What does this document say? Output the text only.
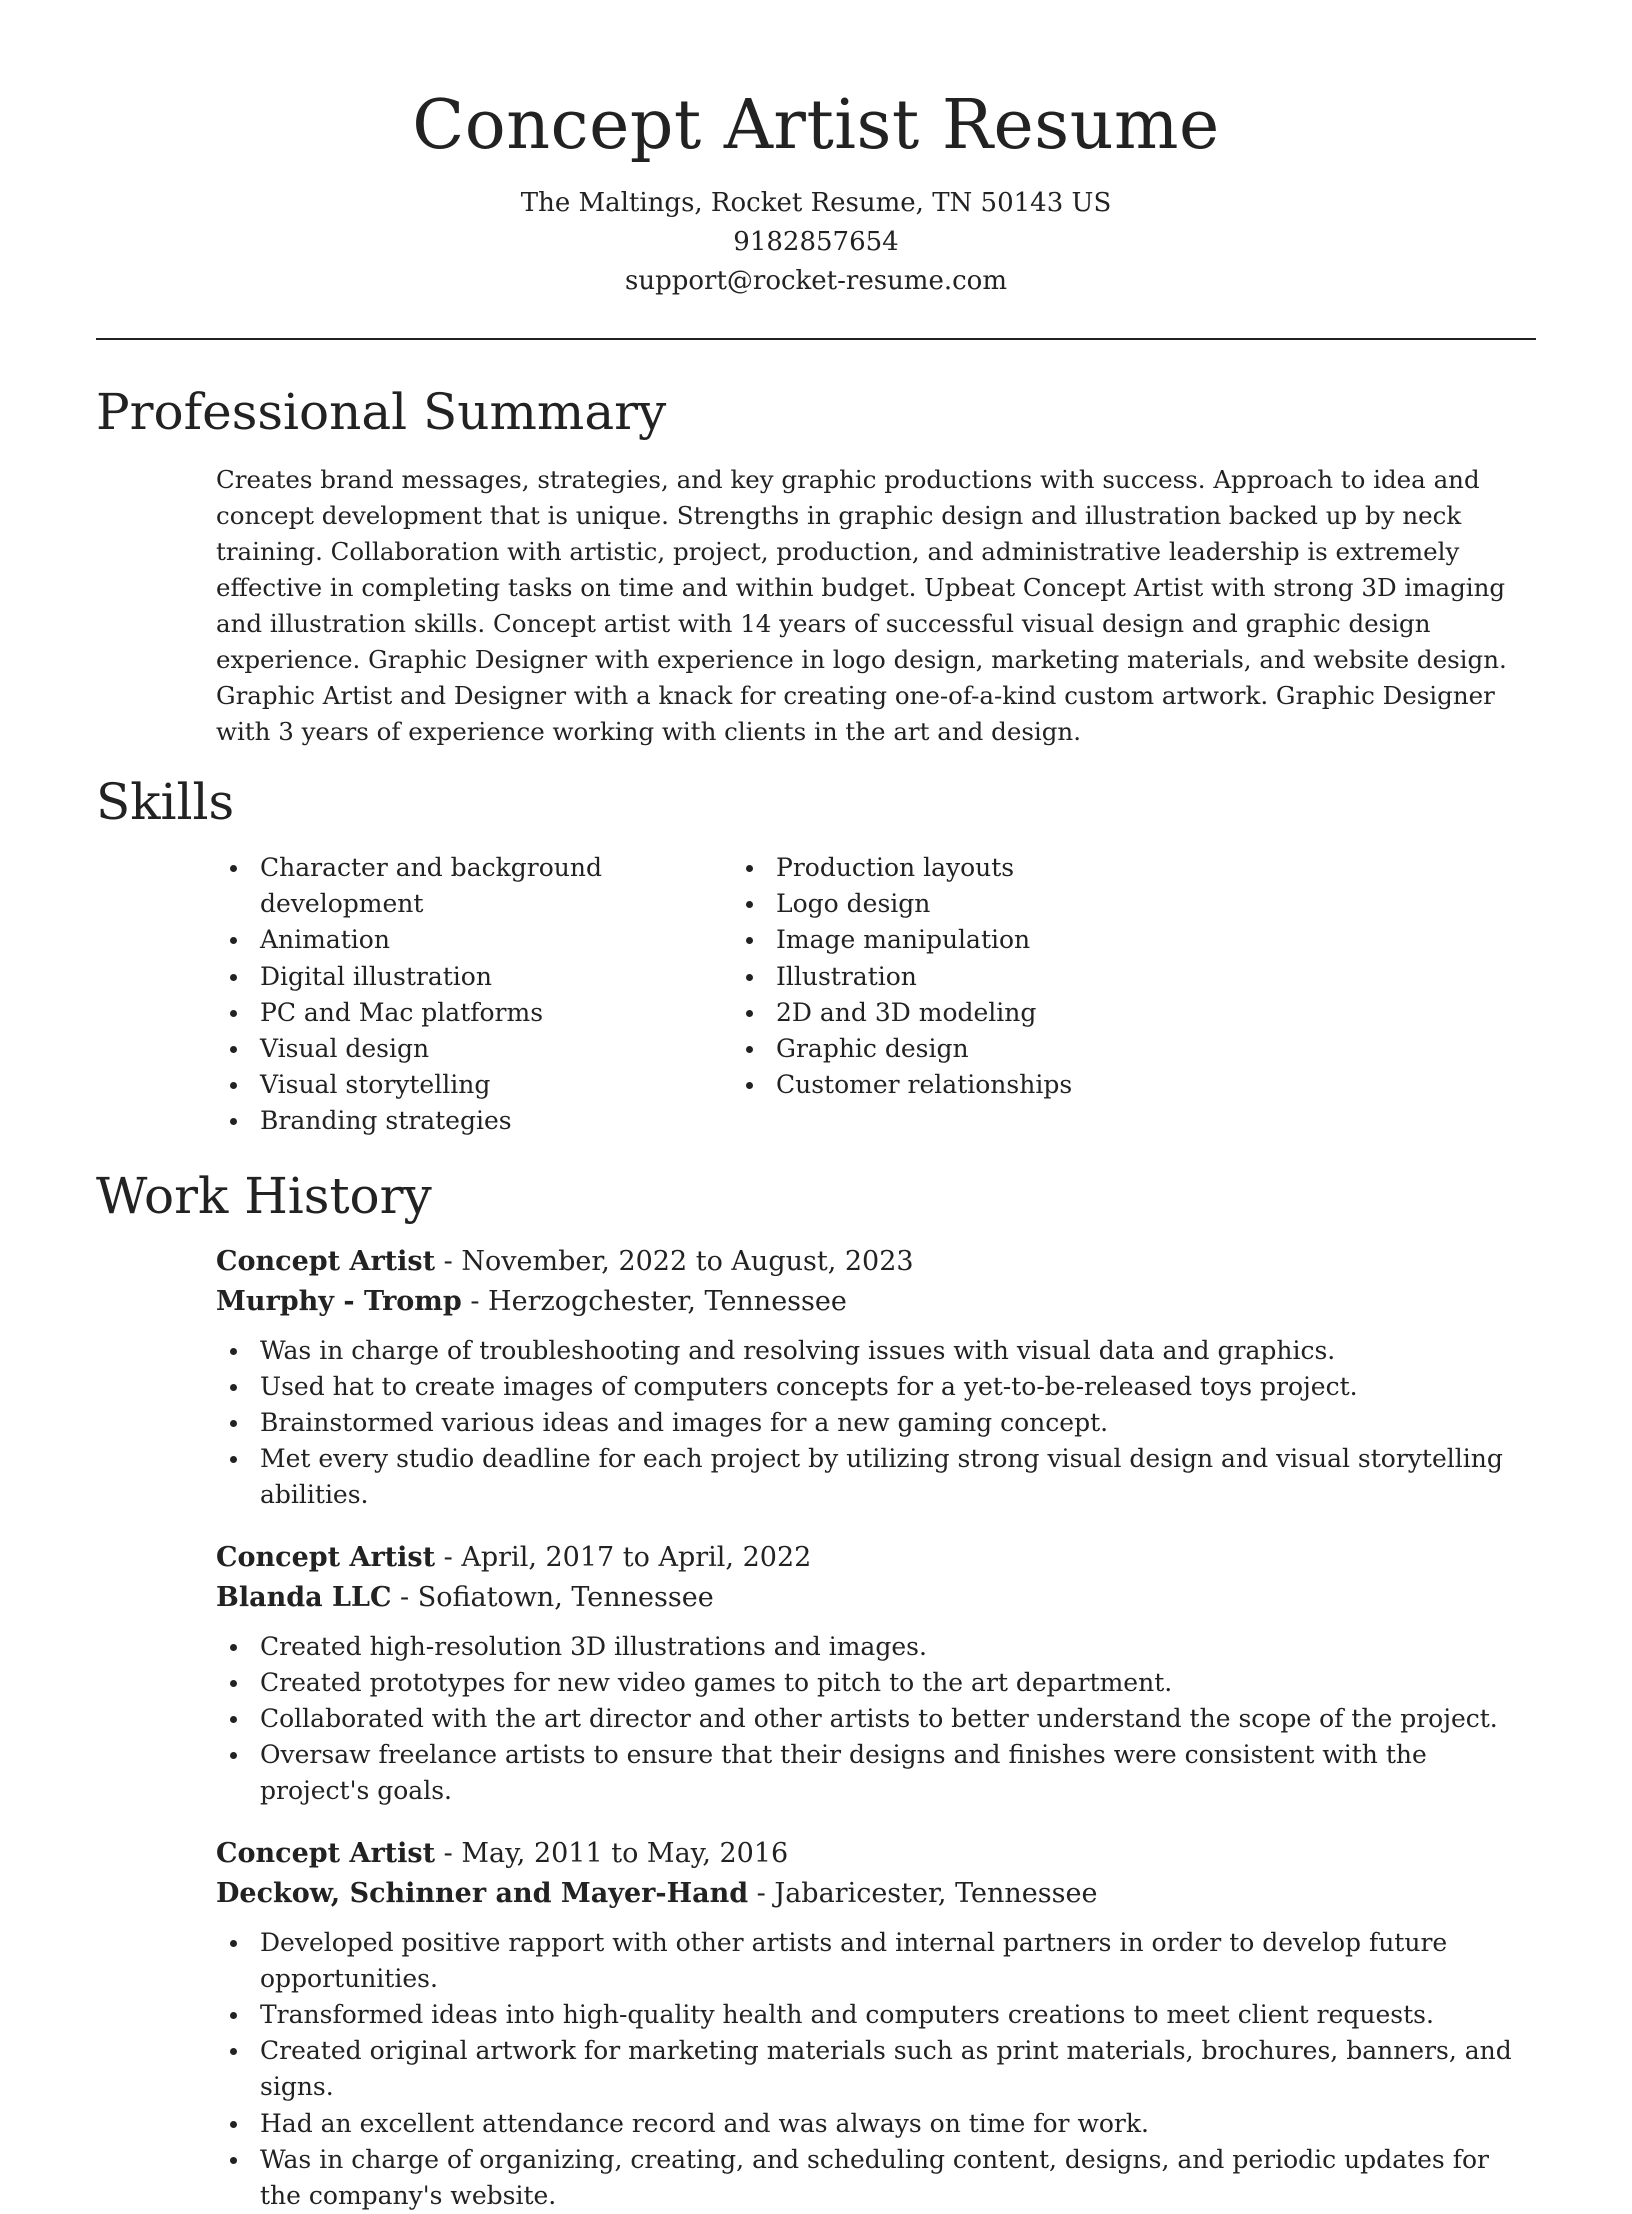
Concept Artist Resume
The Maltings, Rocket Resume, TN 50143 US
9182857654
support@rocket-resume.com
Professional Summary

Creates brand messages, strategies, and key graphic productions with success. Approach to idea and concept development that is unique. Strengths in graphic design and illustration backed up by neck training. Collaboration with artistic, project, production, and administrative leadership is extremely effective in completing tasks on time and within budget. Upbeat Concept Artist with strong 3D imaging and illustration skills. Concept artist with 14 years of successful visual design and graphic design experience. Graphic Designer with experience in logo design, marketing materials, and website design. Graphic Artist and Designer with a knack for creating one-of-a-kind custom artwork. Graphic Designer with 3 years of experience working with clients in the art and design.

Skills
Character and background development
Animation
Digital illustration
PC and Mac platforms
Visual design
Visual storytelling
Branding strategies
Production layouts
Logo design
Image manipulation
Illustration
2D and 3D modeling
Graphic design
Customer relationships
Work History
Concept Artist - November, 2022 to August, 2023
Murphy - Tromp - Herzogchester, Tennessee
Was in charge of troubleshooting and resolving issues with visual data and graphics.
Used hat to create images of computers concepts for a yet-to-be-released toys project.
Brainstormed various ideas and images for a new gaming concept.
Met every studio deadline for each project by utilizing strong visual design and visual storytelling abilities.
Concept Artist - April, 2017 to April, 2022
Blanda LLC - Sofiatown, Tennessee
Created high-resolution 3D illustrations and images.
Created prototypes for new video games to pitch to the art department.
Collaborated with the art director and other artists to better understand the scope of the project.
Oversaw freelance artists to ensure that their designs and finishes were consistent with the project's goals.
Concept Artist - May, 2011 to May, 2016
Deckow, Schinner and Mayer-Hand - Jabaricester, Tennessee
Developed positive rapport with other artists and internal partners in order to develop future opportunities.
Transformed ideas into high-quality health and computers creations to meet client requests.
Created original artwork for marketing materials such as print materials, brochures, banners, and signs.
Had an excellent attendance record and was always on time for work.
Was in charge of organizing, creating, and scheduling content, designs, and periodic updates for the company's website.
